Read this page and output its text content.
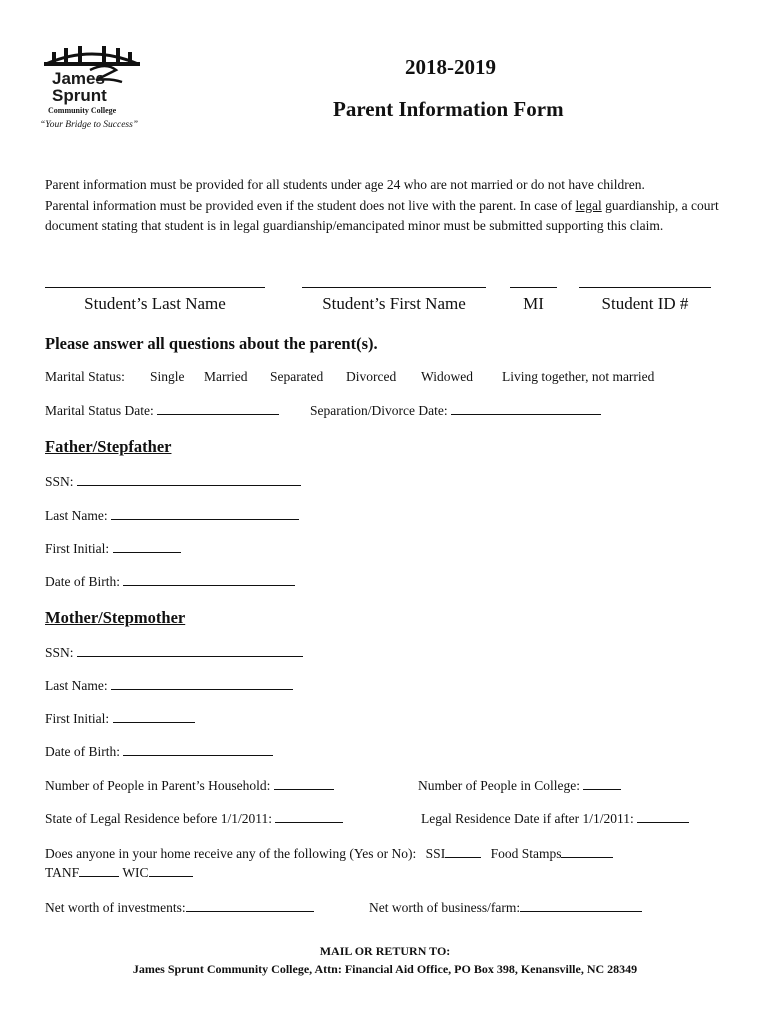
James
Sprunt
Community College
“Your Bridge to Success”
2018-2019
Parent Information Form

Parent information must be provided for all students under age 24 who are not married or do not have children.

Parental information must be provided even if the student does not live with the parent. In case of legal guardianship, a court document stating that student is in legal guardianship/emancipated minor must be submitted supporting this claim.

Student’s Last Name	Student’s First Name	MI	Student ID #
Please answer all questions about the parent(s).
Marital Status: Single Married Separated Divorced Widowed Living together, not married
Marital Status Date:	Separation/Divorce Date:
Father/Stepfather
SSN:
Last Name:
First Initial:
Date of Birth:
Mother/Stepmother
SSN:
Last Name:
First Initial:
Date of Birth:
Number of People in Parent’s Household:	Number of People in College:
State of Legal Residence before 1/1/2011:	Legal Residence Date if after 1/1/2011:
Does anyone in your home receive any of the following (Yes or No): SSI	Food Stamps
TANF	WIC
Net worth of investments:	Net worth of business/farm:
MAIL OR RETURN TO:
James Sprunt Community College, Attn: Financial Aid Office, PO Box 398, Kenansville, NC 28349
